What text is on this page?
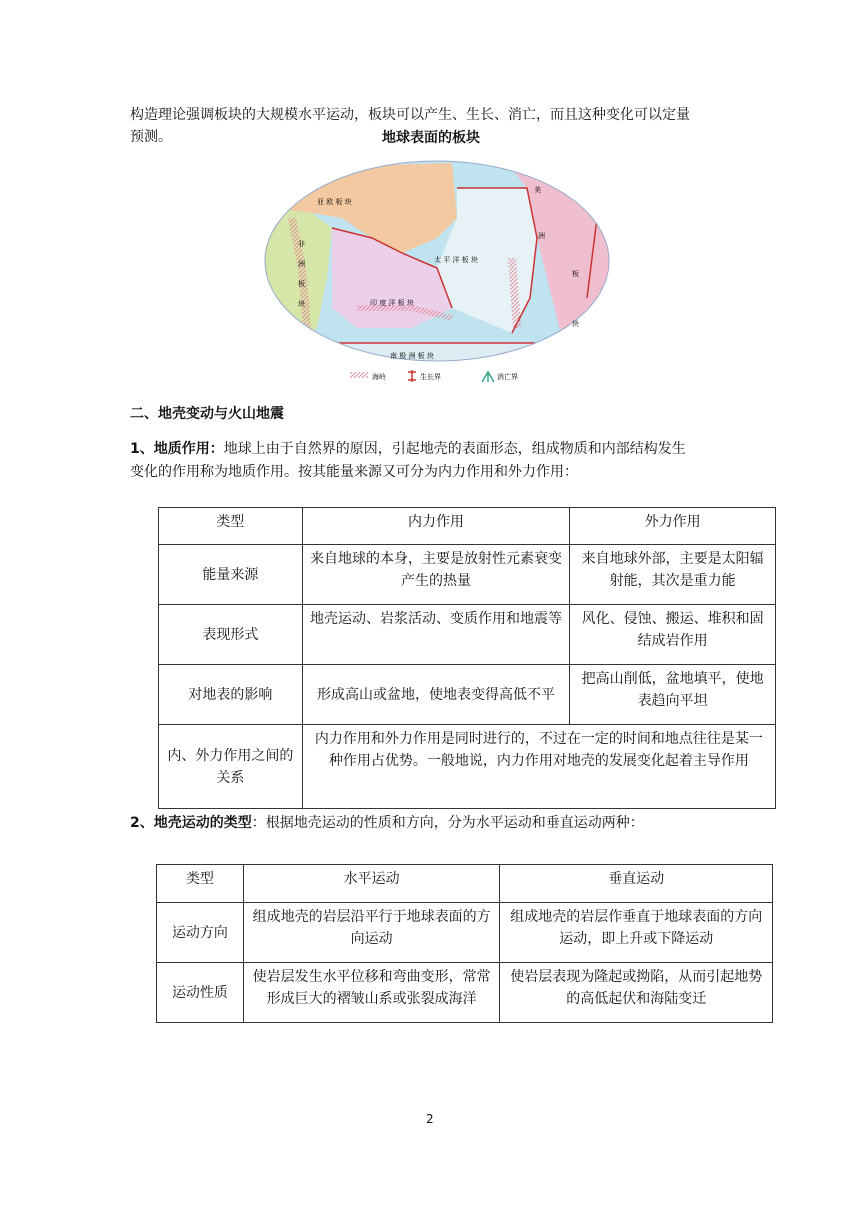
构造理论强调板块的大规模水平运动，板块可以产生、生长、消亡，而且这种变化可以定量
预测。	地球表面的板块
亚 欧 板 块
太 平 洋 板 块
印 度 洋 板 块
南 极 洲 板 块
非
洲
板
块
美
洲
板
块
海岭	生长界	消亡界
二、地壳变动与火山地震
1、地质作用：地球上由于自然界的原因，引起地壳的表面形态，组成物质和内部结构发生
变化的作用称为地质作用。按其能量来源又可分为内力作用和外力作用：
类型	内力作用	外力作用
能量来源	来自地球的本身，主要是放射性元素衰变产生的热量	来自地球外部，主要是太阳辐射能，其次是重力能
表现形式	地壳运动、岩浆活动、变质作用和地震等	风化、侵蚀、搬运、堆积和固结成岩作用
对地表的影响	形成高山或盆地，使地表变得高低不平	把高山削低，盆地填平，使地表趋向平坦
内、外力作用之间的关系	内力作用和外力作用是同时进行的，不过在一定的时间和地点往往是某一种作用占优势。一般地说，内力作用对地壳的发展变化起着主导作用	
2、地壳运动的类型：根据地壳运动的性质和方向，分为水平运动和垂直运动两种：
类型	水平运动	垂直运动
运动方向	组成地壳的岩层沿平行于地球表面的方向运动	组成地壳的岩层作垂直于地球表面的方向运动，即上升或下降运动
运动性质	使岩层发生水平位移和弯曲变形，常常形成巨大的褶皱山系或张裂成海洋	使岩层表现为隆起或拗陷，从而引起地势的高低起伏和海陆变迁
2
